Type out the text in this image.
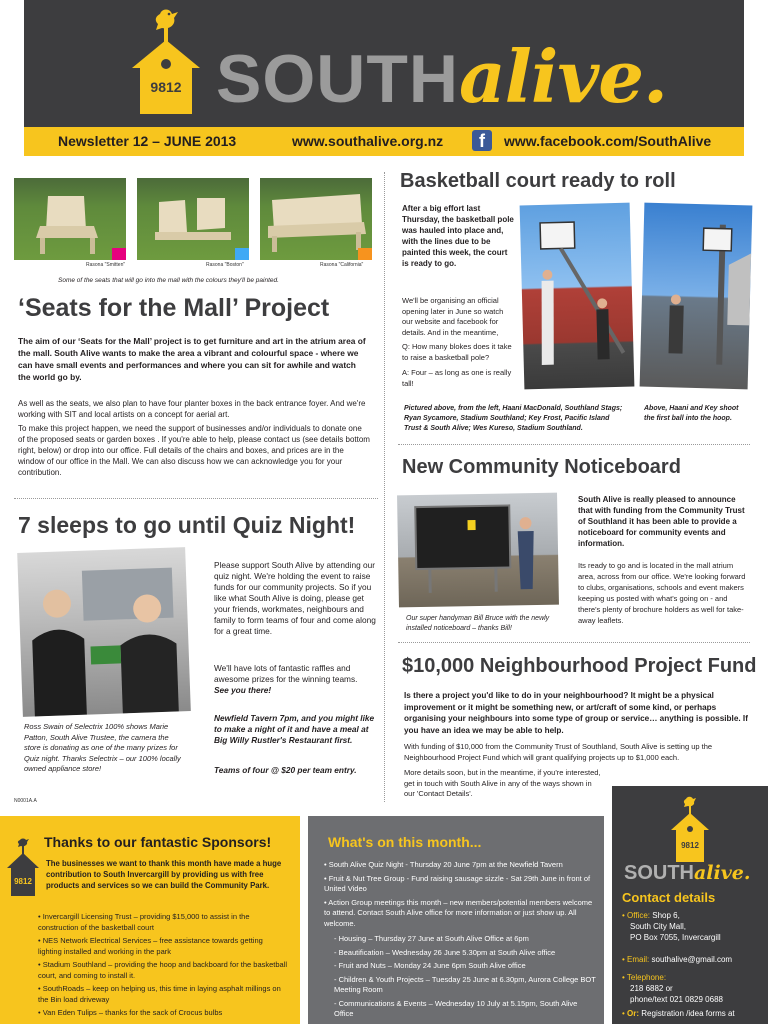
9812 SOUTHalive.
Newsletter 12 – JUNE 2013	www.southalive.org.nz	f	www.facebook.com/SouthAlive
Rasona "Smitten"	Rasona "Boston"	Rasona "California"
Some of the seats that will go into the mall with the colours they'll be painted.
‘Seats for the Mall’ Project
The aim of our ‘Seats for the Mall’ project is to get furniture and art in the atrium area of the mall. South Alive wants to make the area a vibrant and colourful space - where we can have small events and performances and where you can sit for awhile and watch the world go by.
As well as the seats, we also plan to have four planter boxes in the back entrance foyer. And we're working with SIT and local artists on a concept for aerial art.
To make this project happen, we need the support of businesses and/or individuals to donate one of the proposed seats or garden boxes . If you're able to help, please contact us (see details bottom right, below) or drop into our office. Full details of the chairs and boxes, and prices are in the window of our office in the Mall. We can also discuss how we can acknowledge you for your contribution.
7 sleeps to go until Quiz Night!
Ross Swain of Selectrix 100% shows Marie Patton, South Alive Trustee, the camera the store is donating as one of the many prizes for Quiz night. Thanks Selectrix – our 100% locally owned appliance store!
N0001A.A
Please support South Alive by attending our quiz night. We're holding the event to raise funds for our community projects. So if you like what South Alive is doing, please get your friends, workmates, neighbours and family to form teams of four and come along for a great time.
We'll have lots of fantastic raffles and awesome prizes for the winning teams.
See you there!
Newfield Tavern 7pm, and you might like to make a night of it and have a meal at Big Willy Rustler's Restaurant first.
Teams of four @ $20 per team entry.
Basketball court ready to roll
After a big effort last Thursday, the basketball pole was hauled into place and, with the lines due to be painted this week, the court is ready to go.
We'll be organising an official opening later in June so watch our website and facebook for details. And in the meantime,
Q: How many blokes does it take to raise a basketball pole?
A: Four – as long as one is really tall!
Pictured above, from the left, Haani MacDonald, Southland Stags; Ryan Sycamore, Stadium Southland; Key Frost, Pacific Island Trust & South Alive; Wes Kureso, Stadium Southland.
Above, Haani and Key shoot the first ball into the hoop.
New Community Noticeboard
Our super handyman Bill Bruce with the newly installed noticeboard – thanks Bill!
South Alive is really pleased to announce that with funding from the Community Trust of Southland it has been able to provide a noticeboard for community events and information.
Its ready to go and is located in the mall atrium area, across from our office. We're looking forward to clubs, organisations, schools and event makers keeping us posted with what's going on - and there's plenty of brochure holders as well for take-away leaflets.
$10,000 Neighbourhood Project Fund
Is there a project you'd like to do in your neighbourhood? It might be a physical improvement or it might be something new, or art/craft of some kind, or perhaps organising your neighbours into some type of group or service… anything is possible. If you have an idea we may be able to help.
With funding of $10,000 from the Community Trust of Southland, South Alive is setting up the Neighbourhood Project Fund which will grant qualifying projects up to $1,000 each.
More details soon, but in the meantime, if you're interested, get in touch with South Alive in any of the ways shown in our 'Contact Details'.
9812
Thanks to our fantastic Sponsors!
The businesses we want to thank this month have made a huge contribution to South Invercargill by providing us with free products and services so we can build the Community Park.
• Invercargill Licensing Trust – providing $15,000 to assist in the construction of the basketball court
• NES Network Electrical Services – free assistance towards getting lighting installed and working in the park
• Stadium Southland – providing the hoop and backboard for the basketball court, and coming to install it.
• SouthRoads – keep on helping us, this time in laying asphalt millings on the Bin load driveway
• Van Eden Tulips – thanks for the sack of Crocus bulbs
What's on this month...
• South Alive Quiz Night - Thursday 20 June 7pm at the Newfield Tavern
• Fruit & Nut Tree Group - Fund raising sausage sizzle - Sat 29th June in front of United Video
• Action Group meetings this month – new members/potential members welcome to attend. Contact South Alive office for more information or just show up. All welcome.
- Housing – Thursday 27 June at South Alive Office at 6pm
- Beautification – Wednesday 26 June 5.30pm at South Alive office
- Fruit and Nuts – Monday 24 June 6pm South Alive office
- Children & Youth Projects – Tuesday 25 June at 6.30pm, Aurora College BOT Meeting Room
- Communications & Events – Wednesday 10 July at 5.15pm, South Alive Office
9812
SOUTHalive.
Contact details
• Office: Shop 6,
South City Mall,
PO Box 7055, Invercargill
• Email: southalive@gmail.com
• Telephone:
218 6882 or
phone/text 021 0829 0688
• Or: Registration /idea forms at
